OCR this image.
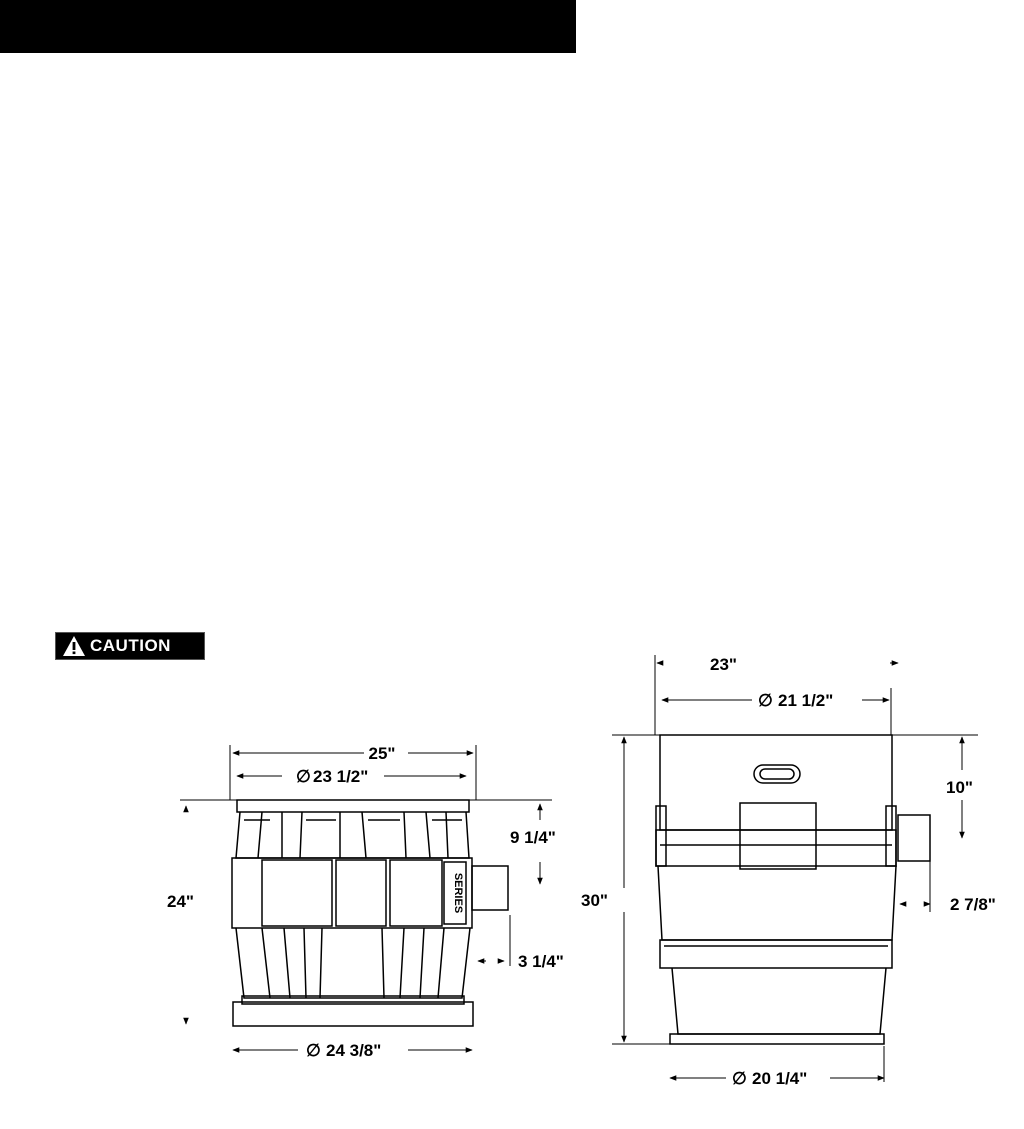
CAUTION
SERIES
25"
∅ 23 1/2"
24"
9 1/4"
3 1/4"
∅ 24 3/8"
23"
∅ 21 1/2"
30"
10"
2 7/8"
∅ 20 1/4"
